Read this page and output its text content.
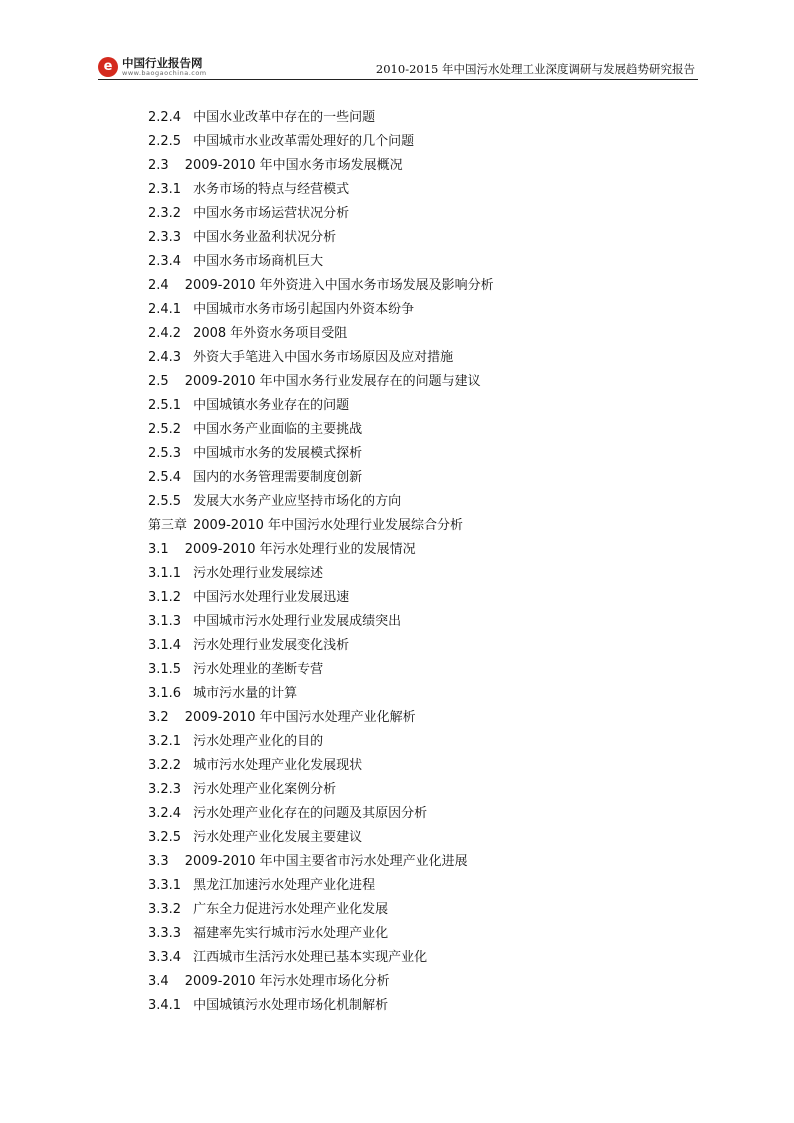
e 中国行业报告网
www.baogaochina.com	2010-2015 年中国污水处理工业深度调研与发展趋势研究报告
2.2.4 中国水业改革中存在的一些问题
2.2.5 中国城市水业改革需处理好的几个问题
2.3 2009-2010 年中国水务市场发展概况
2.3.1 水务市场的特点与经营模式
2.3.2 中国水务市场运营状况分析
2.3.3 中国水务业盈利状况分析
2.3.4 中国水务市场商机巨大
2.4 2009-2010 年外资进入中国水务市场发展及影响分析
2.4.1 中国城市水务市场引起国内外资本纷争
2.4.2 2008 年外资水务项目受阻
2.4.3 外资大手笔进入中国水务市场原因及应对措施
2.5 2009-2010 年中国水务行业发展存在的问题与建议
2.5.1 中国城镇水务业存在的问题
2.5.2 中国水务产业面临的主要挑战
2.5.3 中国城市水务的发展模式探析
2.5.4 国内的水务管理需要制度创新
2.5.5 发展大水务产业应坚持市场化的方向
第三章 2009-2010 年中国污水处理行业发展综合分析
3.1 2009-2010 年污水处理行业的发展情况
3.1.1 污水处理行业发展综述
3.1.2 中国污水处理行业发展迅速
3.1.3 中国城市污水处理行业发展成绩突出
3.1.4 污水处理行业发展变化浅析
3.1.5 污水处理业的垄断专营
3.1.6 城市污水量的计算
3.2 2009-2010 年中国污水处理产业化解析
3.2.1 污水处理产业化的目的
3.2.2 城市污水处理产业化发展现状
3.2.3 污水处理产业化案例分析
3.2.4 污水处理产业化存在的问题及其原因分析
3.2.5 污水处理产业化发展主要建议
3.3 2009-2010 年中国主要省市污水处理产业化进展
3.3.1 黑龙江加速污水处理产业化进程
3.3.2 广东全力促进污水处理产业化发展
3.3.3 福建率先实行城市污水处理产业化
3.3.4 江西城市生活污水处理已基本实现产业化
3.4 2009-2010 年污水处理市场化分析
3.4.1 中国城镇污水处理市场化机制解析
